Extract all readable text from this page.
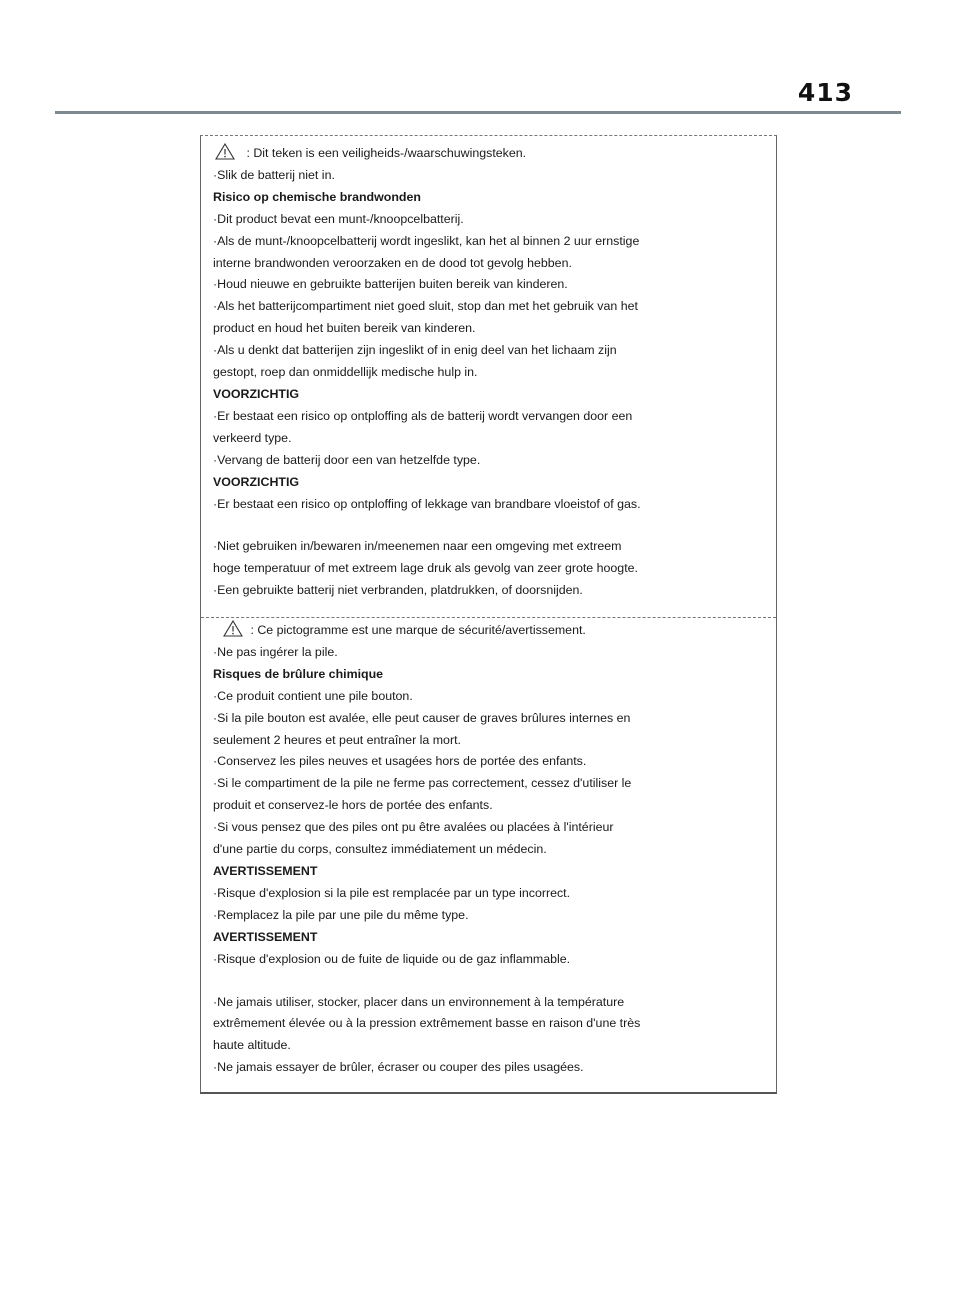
413
: Dit teken is een veiligheids-/waarschuwingsteken.
·Slik de batterij niet in.
Risico op chemische brandwonden
·Dit product bevat een munt-/knoopcelbatterij.
·Als de munt-/knoopcelbatterij wordt ingeslikt, kan het al binnen 2 uur ernstige
interne brandwonden veroorzaken en de dood tot gevolg hebben.
·Houd nieuwe en gebruikte batterijen buiten bereik van kinderen.
·Als het batterijcompartiment niet goed sluit, stop dan met het gebruik van het
product en houd het buiten bereik van kinderen.
·Als u denkt dat batterijen zijn ingeslikt of in enig deel van het lichaam zijn
gestopt, roep dan onmiddellijk medische hulp in.
VOORZICHTIG
·Er bestaat een risico op ontploffing als de batterij wordt vervangen door een
verkeerd type.
·Vervang de batterij door een van hetzelfde type.
VOORZICHTIG
·Er bestaat een risico op ontploffing of lekkage van brandbare vloeistof of gas.
·Niet gebruiken in/bewaren in/meenemen naar een omgeving met extreem
hoge temperatuur of met extreem lage druk als gevolg van zeer grote hoogte.
·Een gebruikte batterij niet verbranden, platdrukken, of doorsnijden.
: Ce pictogramme est une marque de sécurité/avertissement.
·Ne pas ingérer la pile.
Risques de brûlure chimique
·Ce produit contient une pile bouton.
·Si la pile bouton est avalée, elle peut causer de graves brûlures internes en
seulement 2 heures et peut entraîner la mort.
·Conservez les piles neuves et usagées hors de portée des enfants.
·Si le compartiment de la pile ne ferme pas correctement, cessez d'utiliser le
produit et conservez-le hors de portée des enfants.
·Si vous pensez que des piles ont pu être avalées ou placées à l'intérieur
d'une partie du corps, consultez immédiatement un médecin.
AVERTISSEMENT
·Risque d'explosion si la pile est remplacée par un type incorrect.
·Remplacez la pile par une pile du même type.
AVERTISSEMENT
·Risque d'explosion ou de fuite de liquide ou de gaz inflammable.
·Ne jamais utiliser, stocker, placer dans un environnement à la température
extrêmement élevée ou à la pression extrêmement basse en raison d'une très
haute altitude.
·Ne jamais essayer de brûler, écraser ou couper des piles usagées.
